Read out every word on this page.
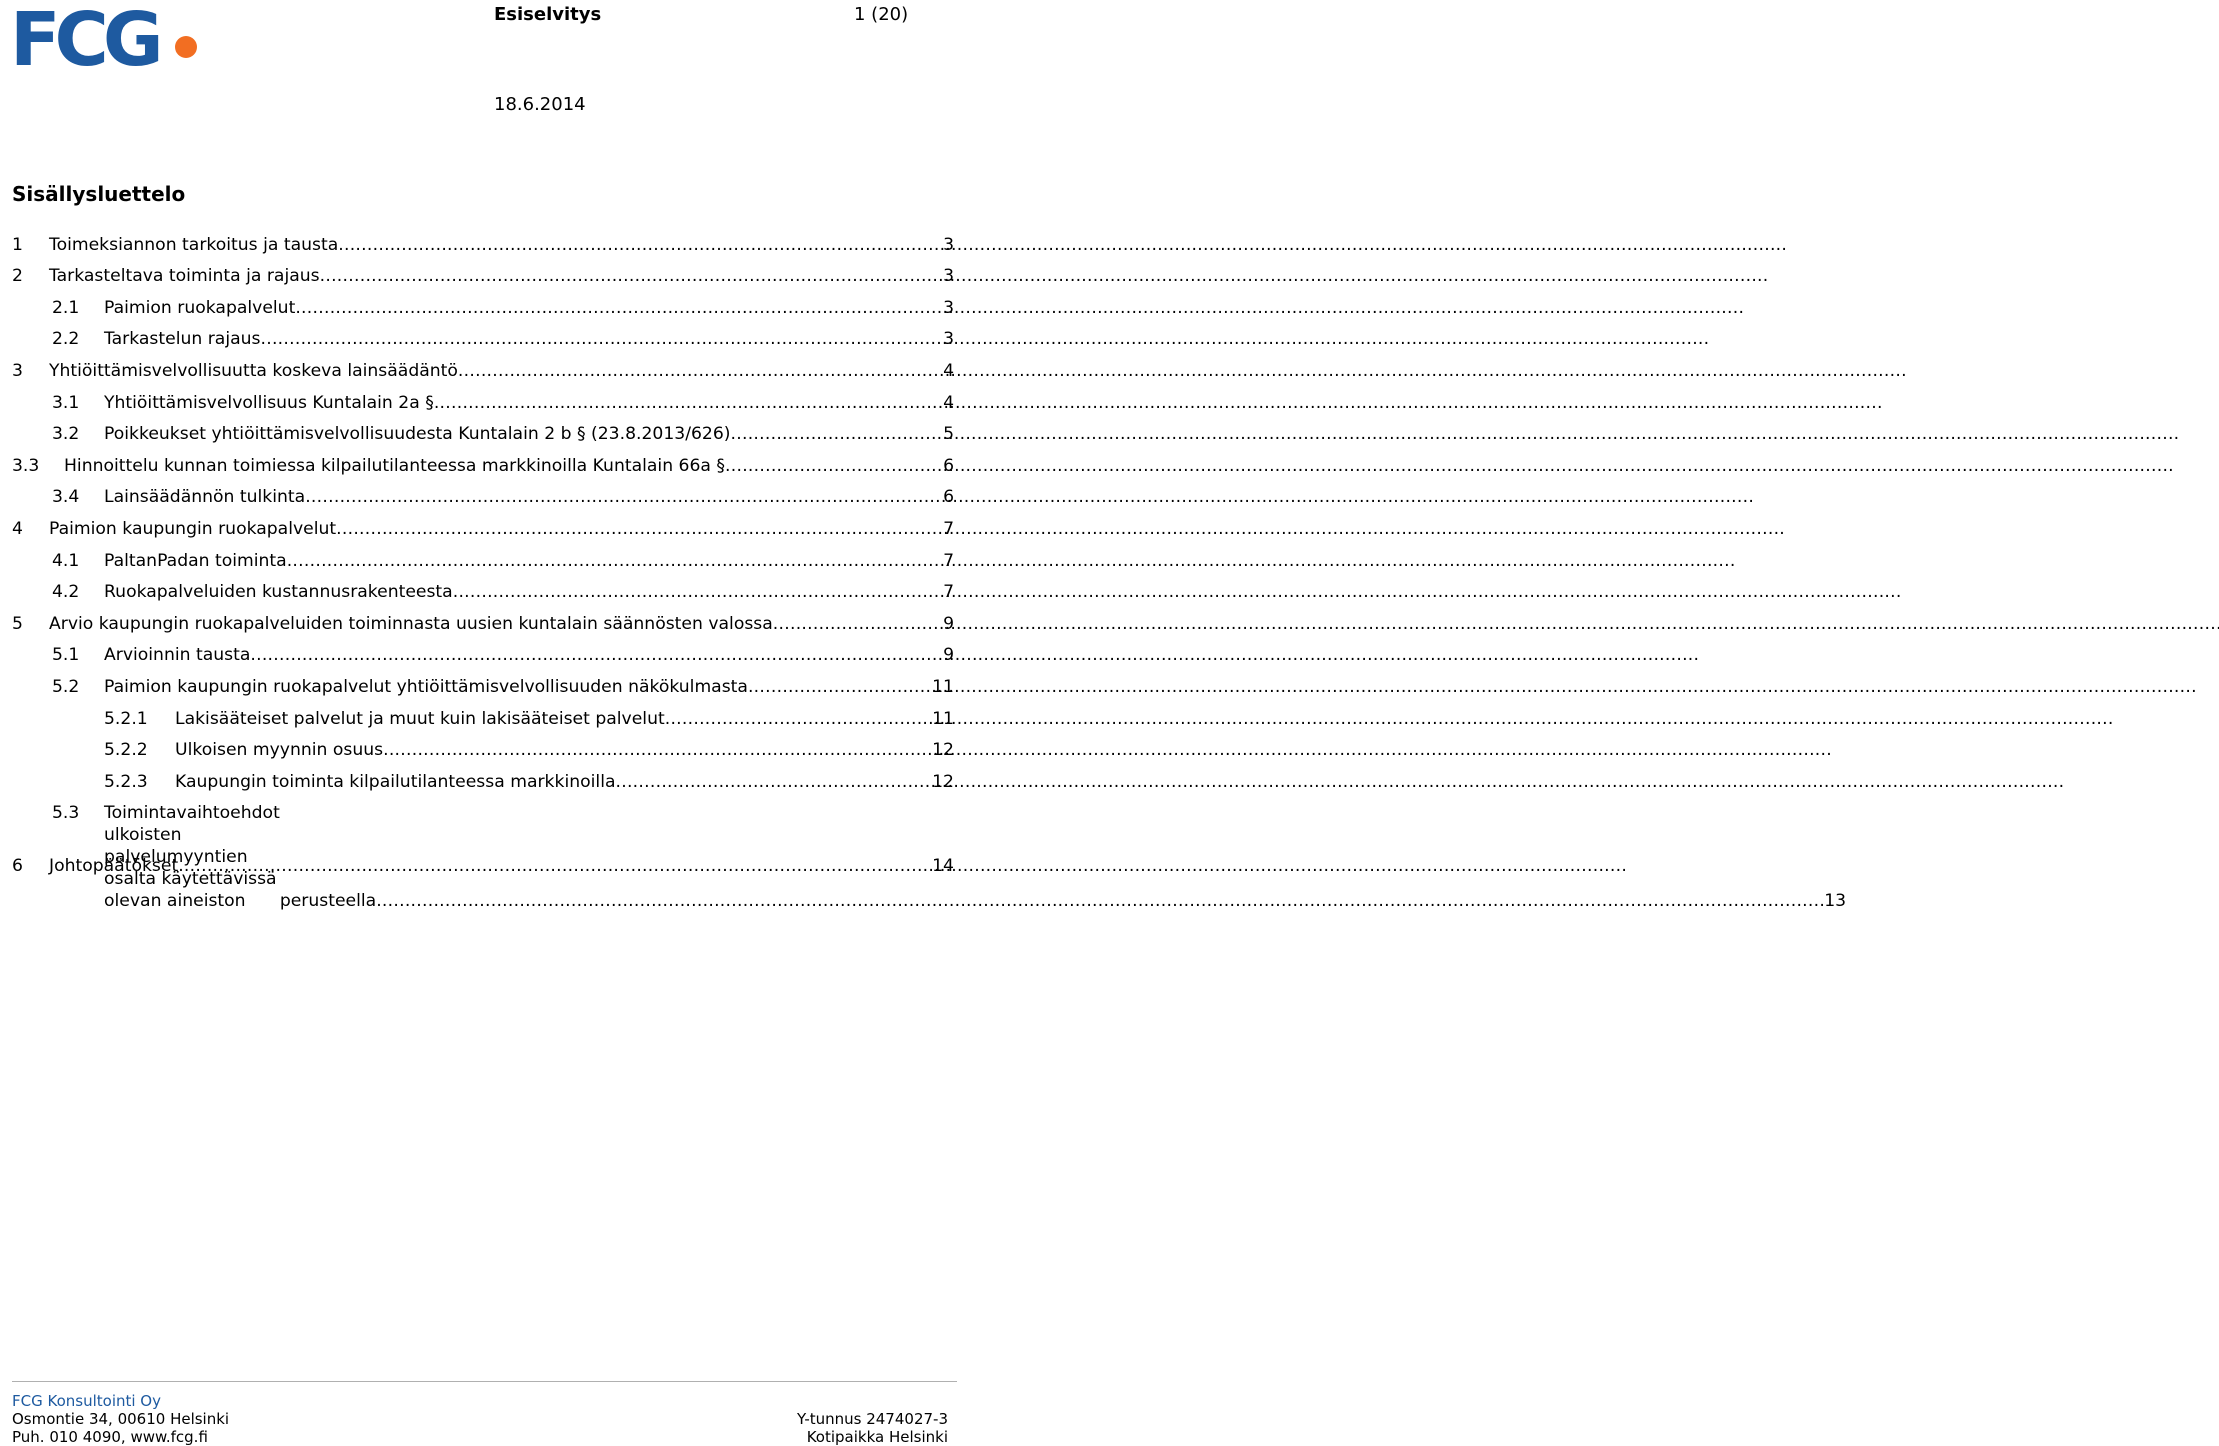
FCG	Esiselvitys	1 (20)
18.6.2014
Sisällysluettelo
1	Toimeksiannon tarkoitus ja tausta . . .	3
2	Tarkasteltava toiminta ja rajaus . . .	3
2.1	Paimion ruokapalvelut . . .	3
2.2	Tarkastelun rajaus . . .	3
3	Yhtiöittämisvelvollisuutta koskeva lainsäädäntö . . .	4
3.1	Yhtiöittämisvelvollisuus Kuntalain 2a § . . .	4
3.2	Poikkeukset yhtiöittämisvelvollisuudesta Kuntalain 2 b § (23.8.2013/626) . . .	5
3.3	Hinnoittelu kunnan toimiessa kilpailutilanteessa markkinoilla Kuntalain 66a § . . .	6
3.4	Lainsäädännön tulkinta . . .	6
4	Paimion kaupungin ruokapalvelut . . .	7
4.1	PaltanPadan toiminta . . .	7
4.2	Ruokapalveluiden kustannusrakenteesta . . .	7
5	Arvio kaupungin ruokapalveluiden toiminnasta uusien kuntalain säännösten valossa . . .	9
5.1	Arvioinnin tausta . . .	9
5.2	Paimion kaupungin ruokapalvelut yhtiöittämisvelvollisuuden näkökulmasta . . .	11
5.2.1	Lakisääteiset palvelut ja muut kuin lakisääteiset palvelut . . .	11
5.2.2	Ulkoisen myynnin osuus . . .	12
5.2.3	Kaupungin toiminta kilpailutilanteessa markkinoilla . . .	12
5.3	Toimintavaihtoehdot ulkoisten palvelumyyntien osalta käytettävissä olevan aineiston	perusteella . . .	13
6	Johtopäätökset . . .	14
FCG Konsultointi Oy
Osmontie 34, 00610 Helsinki
Puh. 010 4090, www.fcg.fi
Y-tunnus 2474027-3
Kotipaikka Helsinki
